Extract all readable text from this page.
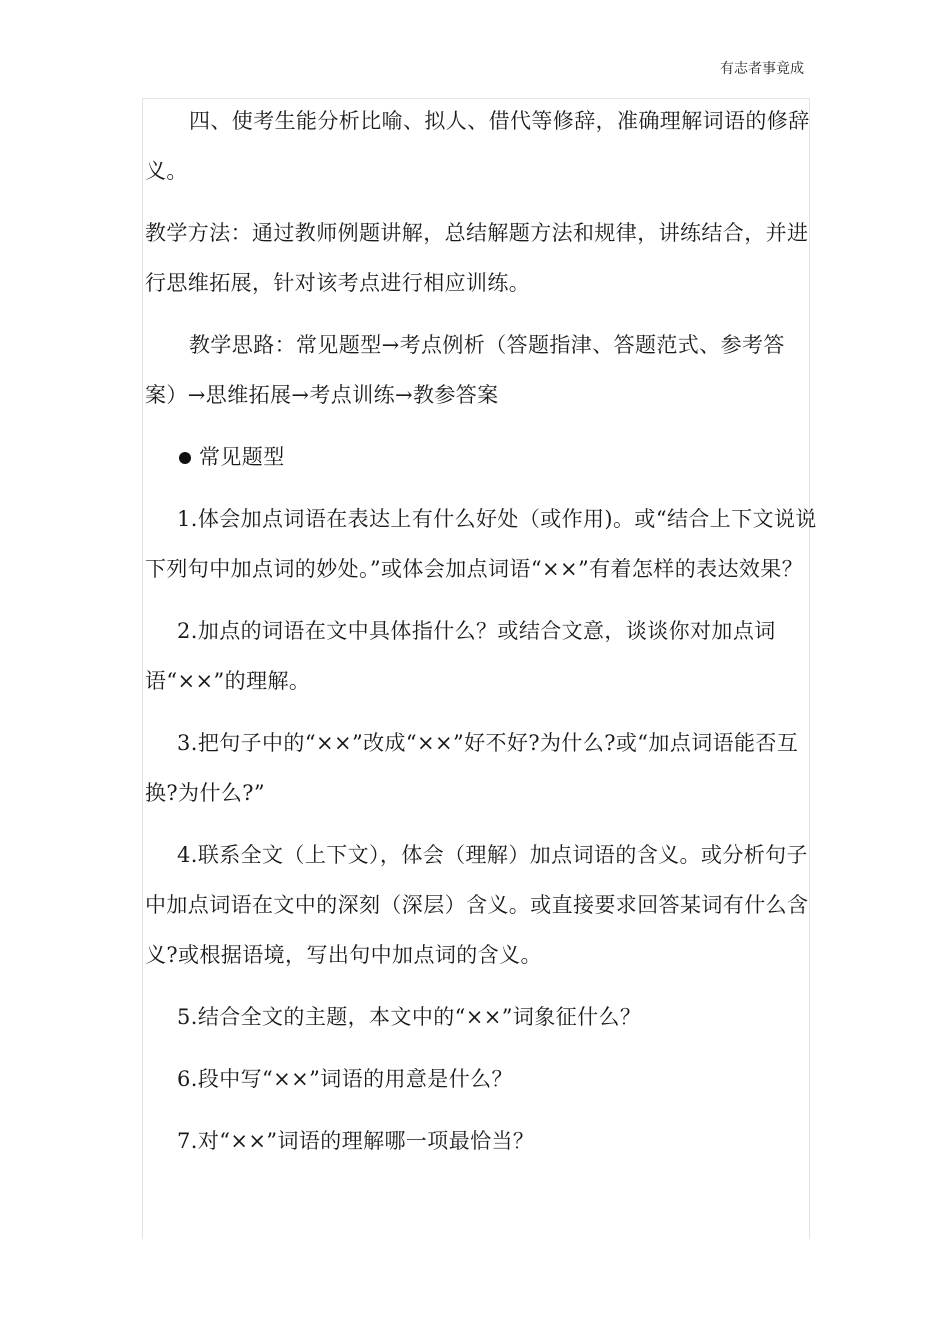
有志者事竟成

四、使考生能分析比喻、拟人、借代等修辞，准确理解词语的修辞义。

教学方法：通过教师例题讲解，总结解题方法和规律，讲练结合，并进行思维拓展，针对该考点进行相应训练。

教学思路：常见题型→考点例析（答题指津、答题范式、参考答案）→思维拓展→考点训练→教参答案

常见题型

1.体会加点词语在表达上有什么好处（或作用)。或“结合上下文说说下列句中加点词的妙处。”或体会加点词语“××”有着怎样的表达效果？

2.加点的词语在文中具体指什么？或结合文意，谈谈你对加点词语“××”的理解。

3.把句子中的“××”改成“××”好不好?为什么?或“加点词语能否互换?为什么?”

4.联系全文（上下文），体会（理解）加点词语的含义。或分析句子中加点词语在文中的深刻（深层）含义。或直接要求回答某词有什么含义?或根据语境，写出句中加点词的含义。

5.结合全文的主题，本文中的“××”词象征什么？

6.段中写“××”词语的用意是什么？

7.对“××”词语的理解哪一项最恰当？
